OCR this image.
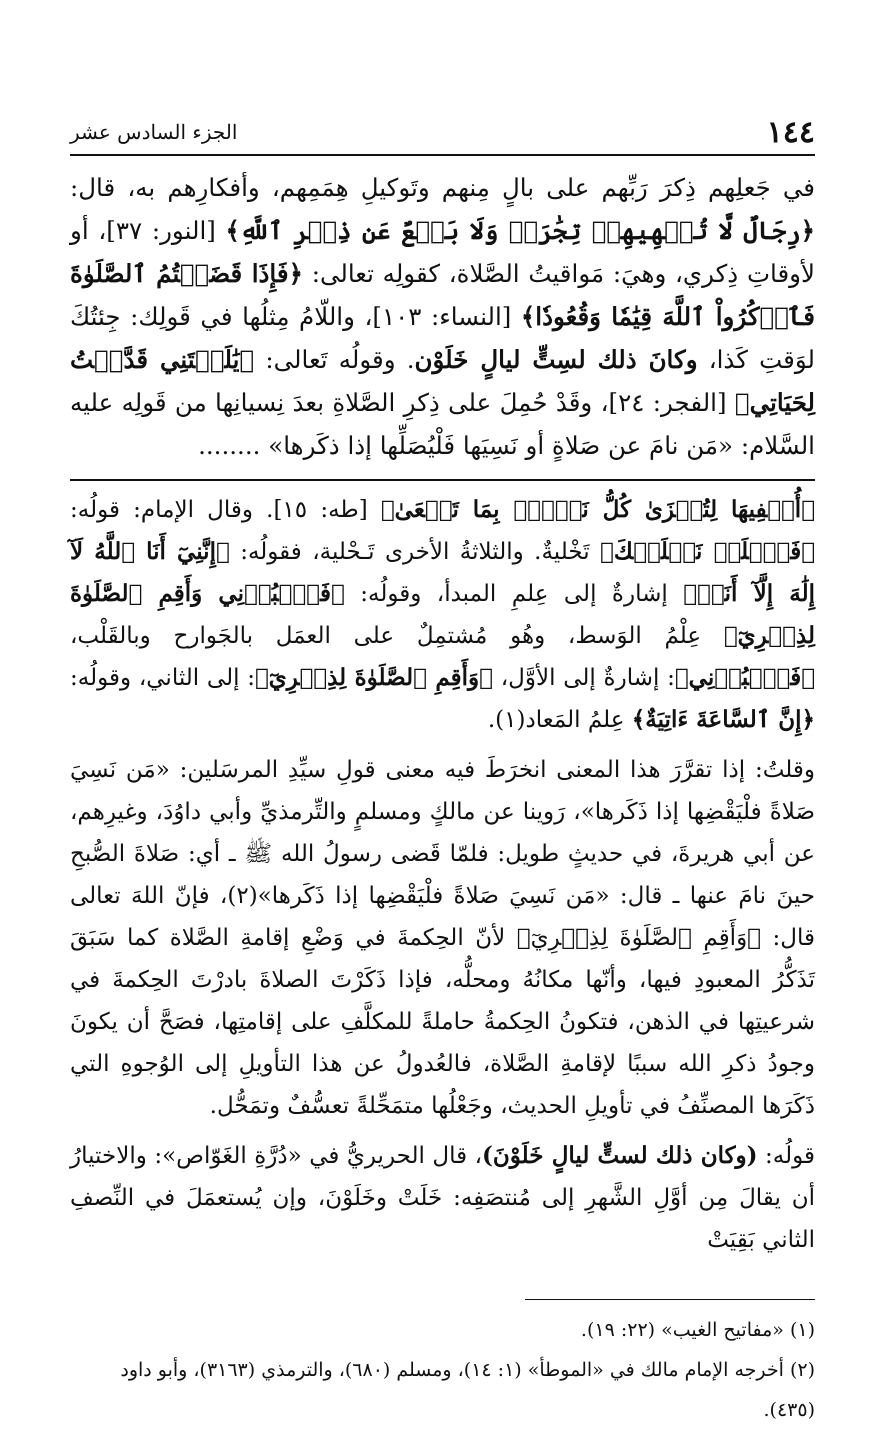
١٤٤
الجزء السادس عشر

في جَعلِهم ذِكرَ رَبِّهم على بالٍ مِنهم وتَوكيلِ هِمَمِهم، وأفكارِهم به، قال: ﴿رِجَالٌ لَّا تُلۡهِيهِمۡ تِجَٰرَةٞ وَلَا بَيۡعٌ عَن ذِكۡرِ ٱللَّهِ﴾ [النور: ٣٧]، أو لأوقاتِ ذِكري، وهيَ: مَواقيتُ الصَّلاة، كقولِه تعالى: ﴿فَإِذَا قَضَيۡتُمُ ٱلصَّلَوٰةَ فَٱذۡكُرُواْ ٱللَّهَ قِيَٰمٗا وَقُعُودٗا﴾ [النساء: ١٠٣]، واللّامُ مِثلُها في قَولِك: جِئتُكَ لوَقتِ كَذا، وكانَ ذلك لسِتٍّ ليالٍ خَلَوْن. وقولُه تَعالى: ﴿يَٰلَيۡتَنِي قَدَّمۡتُ لِحَيَاتِي﴾ [الفجر: ٢٤]، وقَدْ حُمِلَ على ذِكرِ الصَّلاةِ بعدَ نِسيانِها من قَولِه عليه السَّلام: «مَن نامَ عن صَلاةٍ أو نَسِيَها فَلْيُصَلِّها إذا ذكَرها» ........

﴿أُخۡفِيهَا لِتُجۡزَىٰ كُلُّ نَفۡسِۢ بِمَا تَسۡعَىٰ﴾ [طه: ١٥]. وقال الإمام: قولُه: ﴿فَٱخۡلَعۡ نَعۡلَيۡكَ﴾ تَخْليةٌ. والثلاثةُ الأخرى تَـحْلية، فقولُه: ﴿إِنَّنِيٓ أَنَا ٱللَّهُ لَآ إِلَٰهَ إِلَّآ أَنَا۠﴾ إشارةٌ إلى عِلمِ المبدأ، وقولُه: ﴿فَٱعۡبُدۡنِي وَأَقِمِ ٱلصَّلَوٰةَ لِذِكۡرِيٓ﴾ عِلْمُ الوَسط، وهُو مُشتمِلٌ على العمَل بالجَوارح وبالقَلْب، ﴿فَٱعۡبُدۡنِي﴾: إشارةٌ إلى الأوَّل، ﴿وَأَقِمِ ٱلصَّلَوٰةَ لِذِكۡرِيٓ﴾: إلى الثاني، وقولُه: ﴿إِنَّ ٱلسَّاعَةَ ءَاتِيَةٌ﴾ عِلمُ المَعاد(١).

وقلتُ: إذا تقرَّرَ هذا المعنى انخرَطَ فيه معنى قولِ سيِّدِ المرسَلين: «مَن نَسِيَ صَلاةً فلْيَقْضِها إذا ذَكَرها»، رَوينا عن مالكٍ ومسلمٍ والتِّرمذيِّ وأبي داوُدَ، وغيرِهم، عن أبي هريرةَ، في حديثٍ طويل: فلمّا قَضى رسولُ الله ﷺ ـ أي: صَلاةَ الصُّبحِ حينَ نامَ عنها ـ قال: «مَن نَسِيَ صَلاةً فلْيَقْضِها إذا ذَكَرها»(٢)، فإنّ اللهَ تعالى قال: ﴿وَأَقِمِ ٱلصَّلَوٰةَ لِذِكۡرِيٓ﴾ لأنّ الحِكمةَ في وَضْعِ إقامةِ الصَّلاة كما سَبَقَ تَذَكُّرُ المعبودِ فيها، وأنّها مكانُهُ ومحلُّه، فإذا ذَكَرْتَ الصلاةَ بادرْتَ الحِكمةَ في شرعيتِها في الذهن، فتكونُ الحِكمةُ حاملةً للمكلَّفِ على إقامتِها، فصَحَّ أن يكونَ وجودُ ذكرِ الله سببًا لإقامةِ الصَّلاة، فالعُدولُ عن هذا التأويلِ إلى الوُجوهِ التي ذَكَرَها المصنِّفُ في تأويلِ الحديث، وجَعْلُها متمَحِّلةً تعسُّفٌ وتمَحُّل.

قولُه: (وكان ذلك لستٍّ ليالٍ خَلَوْنَ)، قال الحريريُّ في «دُرَّةِ الغَوّاص»: والاختيارُ أن يقالَ مِن أوَّلِ الشَّهرِ إلى مُنتصَفِه: خَلَتْ وخَلَوْنَ، وإن يُستعمَلَ في النِّصفِ الثاني بَقِيَتْ

(١) «مفاتيح الغيب» (٢٢: ١٩).

(٢) أخرجه الإمام مالك في «الموطأ» (١: ١٤)، ومسلم (٦٨٠)، والترمذي (٣١٦٣)، وأبو داود (٤٣٥).
